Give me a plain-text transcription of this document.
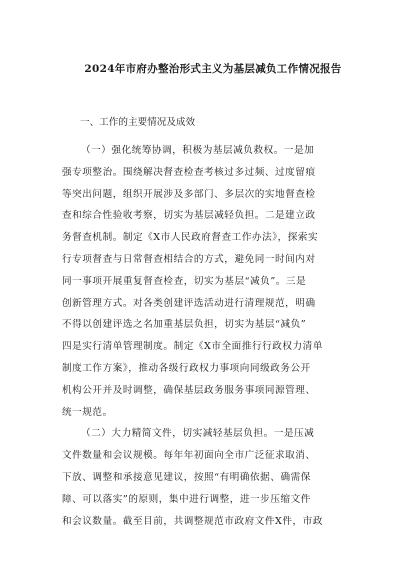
2024年市府办整治形式主义为基层减负工作情况报告
一、工作的主要情况及成效
（一）强化统筹协调，积极为基层减负救权。一是加
强专项整治。围绕解决督查检查考核过多过频、过度留痕
等突出问题，组织开展涉及多部门、多层次的实地督查检
查和综合性验收考察，切实为基层减轻负担。二是建立政
务督查机制。制定《X市人民政府督查工作办法》，探索实
行专项督查与日常督查相结合的方式，避免同一时间内对
同一事项开展重复督查检查，切实为基层“减负”。三是
创新管理方式。对各类创建评选活动进行清理规范，明确
不得以创建评选之名加重基层负担，切实为基层“减负”
四是实行清单管理制度。制定《X市全面推行行政权力清单
制度工作方案》，推动各级行政权力事项向同级政务公开
机构公开并及时调整，确保基层政务服务事项同源管理、
统一规范。
（二）大力精简文件，切实减轻基层负担。一是压减
文件数量和会议规模。每年年初面向全市广泛征求取消、
下放、调整和承接意见建议，按照“有明确依据、确需保
障、可以落实”的原则，集中进行调整，进一步压缩文件
和会议数量。截至目前，共调整规范市政府文件X件，市政
